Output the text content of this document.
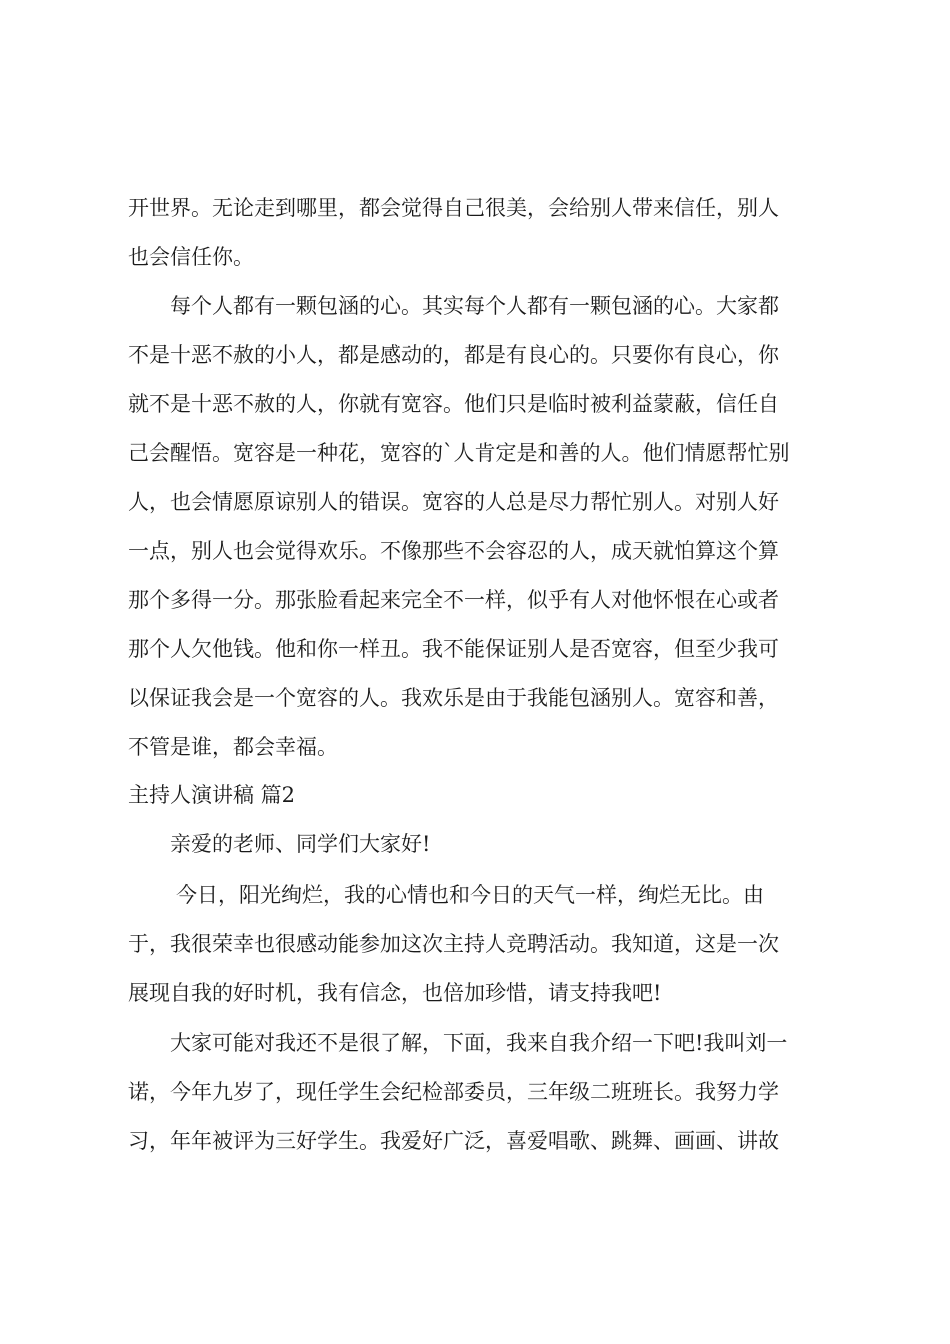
开世界。无论走到哪里，都会觉得自己很美，会给别人带来信任，别人
也会信任你。
每个人都有一颗包涵的心。其实每个人都有一颗包涵的心。大家都
不是十恶不赦的小人，都是感动的，都是有良心的。只要你有良心，你
就不是十恶不赦的人，你就有宽容。他们只是临时被利益蒙蔽，信任自
己会醒悟。宽容是一种花，宽容的`人肯定是和善的人。他们情愿帮忙别
人，也会情愿原谅别人的错误。宽容的人总是尽力帮忙别人。对别人好
一点，别人也会觉得欢乐。不像那些不会容忍的人，成天就怕算这个算
那个多得一分。那张脸看起来完全不一样，似乎有人对他怀恨在心或者
那个人欠他钱。他和你一样丑。我不能保证别人是否宽容，但至少我可
以保证我会是一个宽容的人。我欢乐是由于我能包涵别人。宽容和善，
不管是谁，都会幸福。
主持人演讲稿 篇2
亲爱的老师、同学们大家好!
今日，阳光绚烂，我的心情也和今日的天气一样，绚烂无比。由
于，我很荣幸也很感动能参加这次主持人竞聘活动。我知道，这是一次
展现自我的好时机，我有信念，也倍加珍惜，请支持我吧!
大家可能对我还不是很了解，下面，我来自我介绍一下吧!我叫刘一
诺，今年九岁了，现任学生会纪检部委员，三年级二班班长。我努力学
习，年年被评为三好学生。我爱好广泛，喜爱唱歌、跳舞、画画、讲故
